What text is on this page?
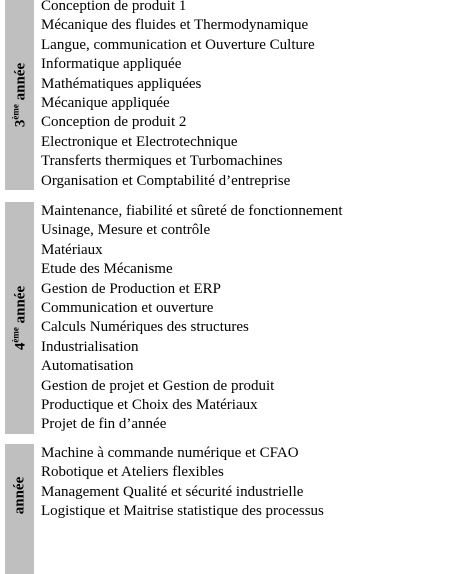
3ème année
Conception de produit 1
Mécanique des fluides et Thermodynamique
Langue, communication et Ouverture Culture
Informatique appliquée
Mathématiques appliquées
Mécanique appliquée
Conception de produit 2
Electronique et Electrotechnique
Transferts thermiques et Turbomachines
Organisation et Comptabilité d’entreprise
4ème année
Maintenance, fiabilité et sûreté de fonctionnement
Usinage, Mesure et contrôle
Matériaux
Etude des Mécanisme
Gestion de Production et ERP
Communication et ouverture
Calculs Numériques des structures
Industrialisation
Automatisation
Gestion de projet et Gestion de produit
Productique et Choix des Matériaux
Projet de fin d’année
année
Machine à commande numérique et CFAO
Robotique et Ateliers flexibles
Management Qualité et sécurité industrielle
Logistique et Maitrise statistique des processus
